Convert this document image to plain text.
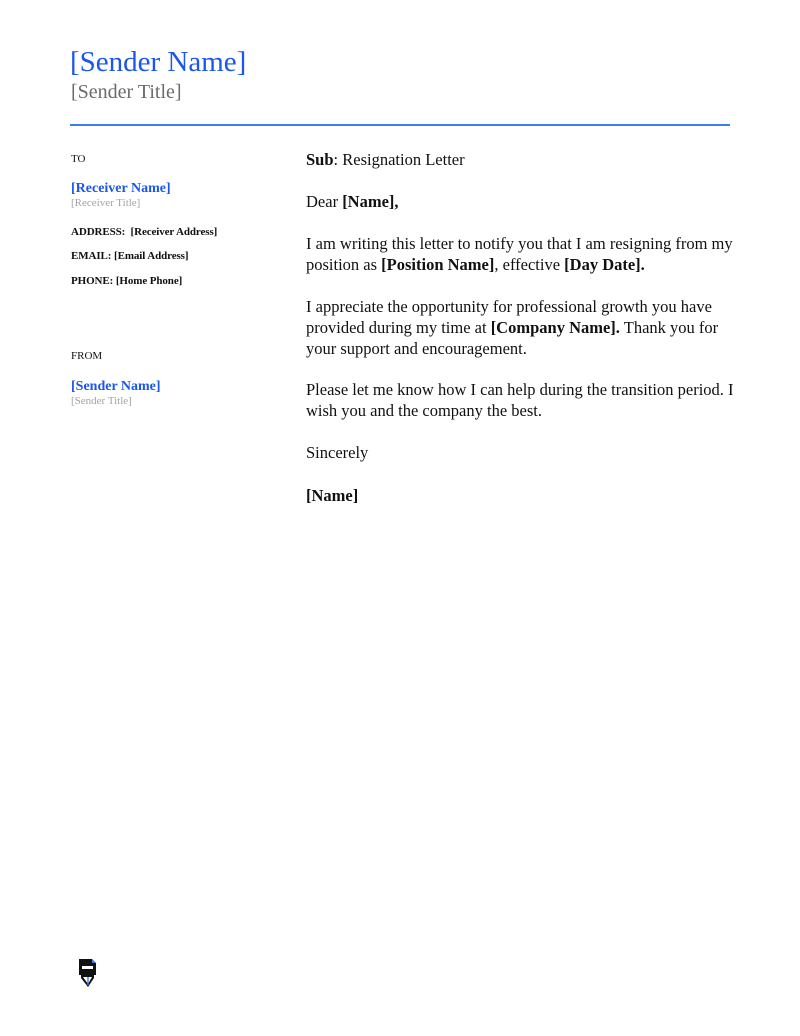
[Sender Name]
[Sender Title]
TO
[Receiver Name]
[Receiver Title]
ADDRESS: [Receiver Address]
EMAIL: [Email Address]
PHONE: [Home Phone]
FROM
[Sender Name]
[Sender Title]
Sub: Resignation Letter
Dear [Name],
I am writing this letter to notify you that I am resigning from my position as [Position Name], effective [Day Date].
I appreciate the opportunity for professional growth you have provided during my time at [Company Name]. Thank you for your support and encouragement.
Please let me know how I can help during the transition period. I wish you and the company the best.
Sincerely
[Name]
